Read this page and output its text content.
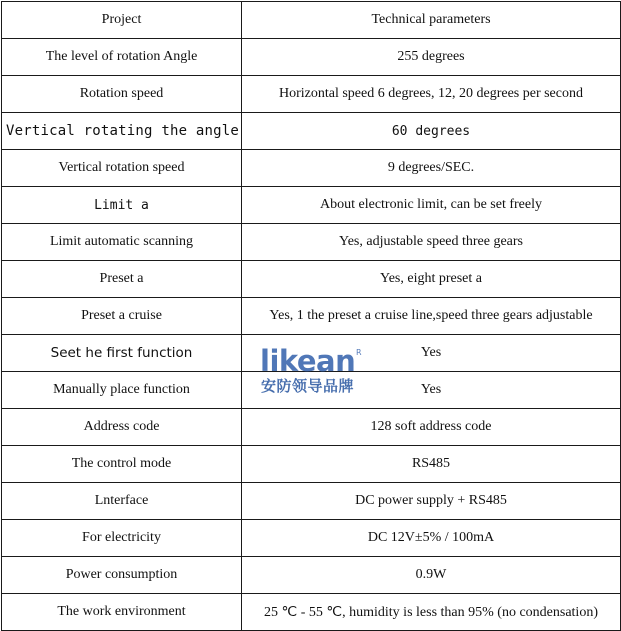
Project	Technical parameters
The level of rotation Angle	255 degrees
Rotation speed	Horizontal speed 6 degrees, 12, 20 degrees per second
Vertical rotating the angle	60 degrees
Vertical rotation speed	9 degrees/SEC.
Limit a	About electronic limit, can be set freely
Limit automatic scanning	Yes, adjustable speed three gears
Preset a	Yes, eight preset a
Preset a cruise	Yes, 1 the preset a cruise line,speed three gears adjustable
Seet he first function	Yes
Manually place function	Yes
Address code	128 soft address code
The control mode	RS485
Lnterface	DC power supply + RS485
For electricity	DC 12V±5% / 100mA
Power consumption	0.9W
The work environment	25 ℃ - 55 ℃, humidity is less than 95% (no condensation)
likean R
安防领导品牌
